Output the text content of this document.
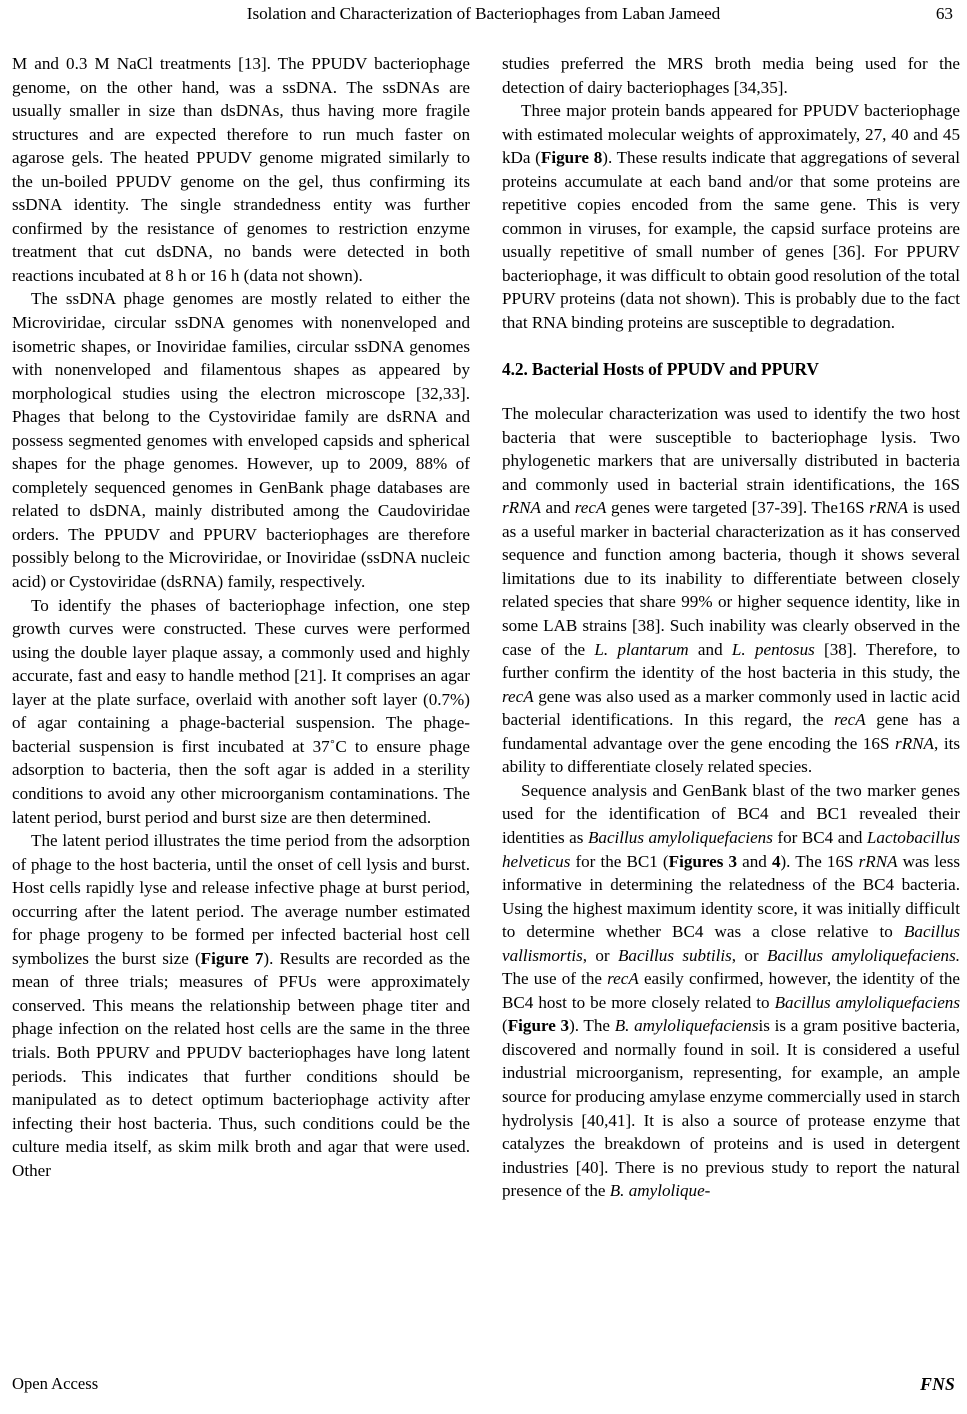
Isolation and Characterization of Bacteriophages from Laban Jameed	63

M and 0.3 M NaCl treatments [13]. The PPUDV bacteriophage genome, on the other hand, was a ssDNA. The ssDNAs are usually smaller in size than dsDNAs, thus having more fragile structures and are expected therefore to run much faster on agarose gels. The heated PPUDV genome migrated similarly to the un-boiled PPUDV genome on the gel, thus confirming its ssDNA identity. The single strandedness entity was further confirmed by the resistance of genomes to restriction enzyme treatment that cut dsDNA, no bands were detected in both reactions incubated at 8 h or 16 h (data not shown).

The ssDNA phage genomes are mostly related to either the Microviridae, circular ssDNA genomes with nonenveloped and isometric shapes, or Inoviridae families, circular ssDNA genomes with nonenveloped and filamentous shapes as appeared by morphological studies using the electron microscope [32,33]. Phages that belong to the Cystoviridae family are dsRNA and possess segmented genomes with enveloped capsids and spherical shapes for the phage genomes. However, up to 2009, 88% of completely sequenced genomes in GenBank phage databases are related to dsDNA, mainly distributed among the Caudoviridae orders. The PPUDV and PPURV bacteriophages are therefore possibly belong to the Microviridae, or Inoviridae (ssDNA nucleic acid) or Cystoviridae (dsRNA) family, respectively.

To identify the phases of bacteriophage infection, one step growth curves were constructed. These curves were performed using the double layer plaque assay, a commonly used and highly accurate, fast and easy to handle method [21]. It comprises an agar layer at the plate surface, overlaid with another soft layer (0.7%) of agar containing a phage-bacterial suspension. The phage-bacterial suspension is first incubated at 37˚C to ensure phage adsorption to bacteria, then the soft agar is added in a sterility conditions to avoid any other microorganism contaminations. The latent period, burst period and burst size are then determined.

The latent period illustrates the time period from the adsorption of phage to the host bacteria, until the onset of cell lysis and burst. Host cells rapidly lyse and release infective phage at burst period, occurring after the latent period. The average number estimated for phage progeny to be formed per infected bacterial host cell symbolizes the burst size (Figure 7). Results are recorded as the mean of three trials; measures of PFUs were approximately conserved. This means the relationship between phage titer and phage infection on the related host cells are the same in the three trials. Both PPURV and PPUDV bacteriophages have long latent periods. This indicates that further conditions should be manipulated as to detect optimum bacteriophage activity after infecting their host bacteria. Thus, such conditions could be the culture media itself, as skim milk broth and agar that were used. Other

studies preferred the MRS broth media being used for the detection of dairy bacteriophages [34,35].

Three major protein bands appeared for PPUDV bacteriophage with estimated molecular weights of approximately, 27, 40 and 45 kDa (Figure 8). These results indicate that aggregations of several proteins accumulate at each band and/or that some proteins are repetitive copies encoded from the same gene. This is very common in viruses, for example, the capsid surface proteins are usually repetitive of small number of genes [36]. For PPURV bacteriophage, it was difficult to obtain good resolution of the total PPURV proteins (data not shown). This is probably due to the fact that RNA binding proteins are susceptible to degradation.

4.2. Bacterial Hosts of PPUDV and PPURV

The molecular characterization was used to identify the two host bacteria that were susceptible to bacteriophage lysis. Two phylogenetic markers that are universally distributed in bacteria and commonly used in bacterial strain identifications, the 16S rRNA and recA genes were targeted [37-39]. The16S rRNA is used as a useful marker in bacterial characterization as it has conserved sequence and function among bacteria, though it shows several limitations due to its inability to differentiate between closely related species that share 99% or higher sequence identity, like in some LAB strains [38]. Such inability was clearly observed in the case of the L. plantarum and L. pentosus [38]. Therefore, to further confirm the identity of the host bacteria in this study, the recA gene was also used as a marker commonly used in lactic acid bacterial identifications. In this regard, the recA gene has a fundamental advantage over the gene encoding the 16S rRNA, its ability to differentiate closely related species.

Sequence analysis and GenBank blast of the two marker genes used for the identification of BC4 and BC1 revealed their identities as Bacillus amyloliquefaciens for BC4 and Lactobacillus helveticus for the BC1 (Figures 3 and 4). The 16S rRNA was less informative in determining the relatedness of the BC4 bacteria. Using the highest maximum identity score, it was initially difficult to determine whether BC4 was a close relative to Bacillus vallismortis, or Bacillus subtilis, or Bacillus amyloliquefaciens. The use of the recA easily confirmed, however, the identity of the BC4 host to be more closely related to Bacillus amyloliquefaciens (Figure 3). The B. amyloliquefaciensis is a gram positive bacteria, discovered and normally found in soil. It is considered a useful industrial microorganism, representing, for example, an ample source for producing amylase enzyme commercially used in starch hydrolysis [40,41]. It is also a source of protease enzyme that catalyzes the breakdown of proteins and is used in detergent industries [40]. There is no previous study to report the natural presence of the B. amylolique-

Open Access	FNS
